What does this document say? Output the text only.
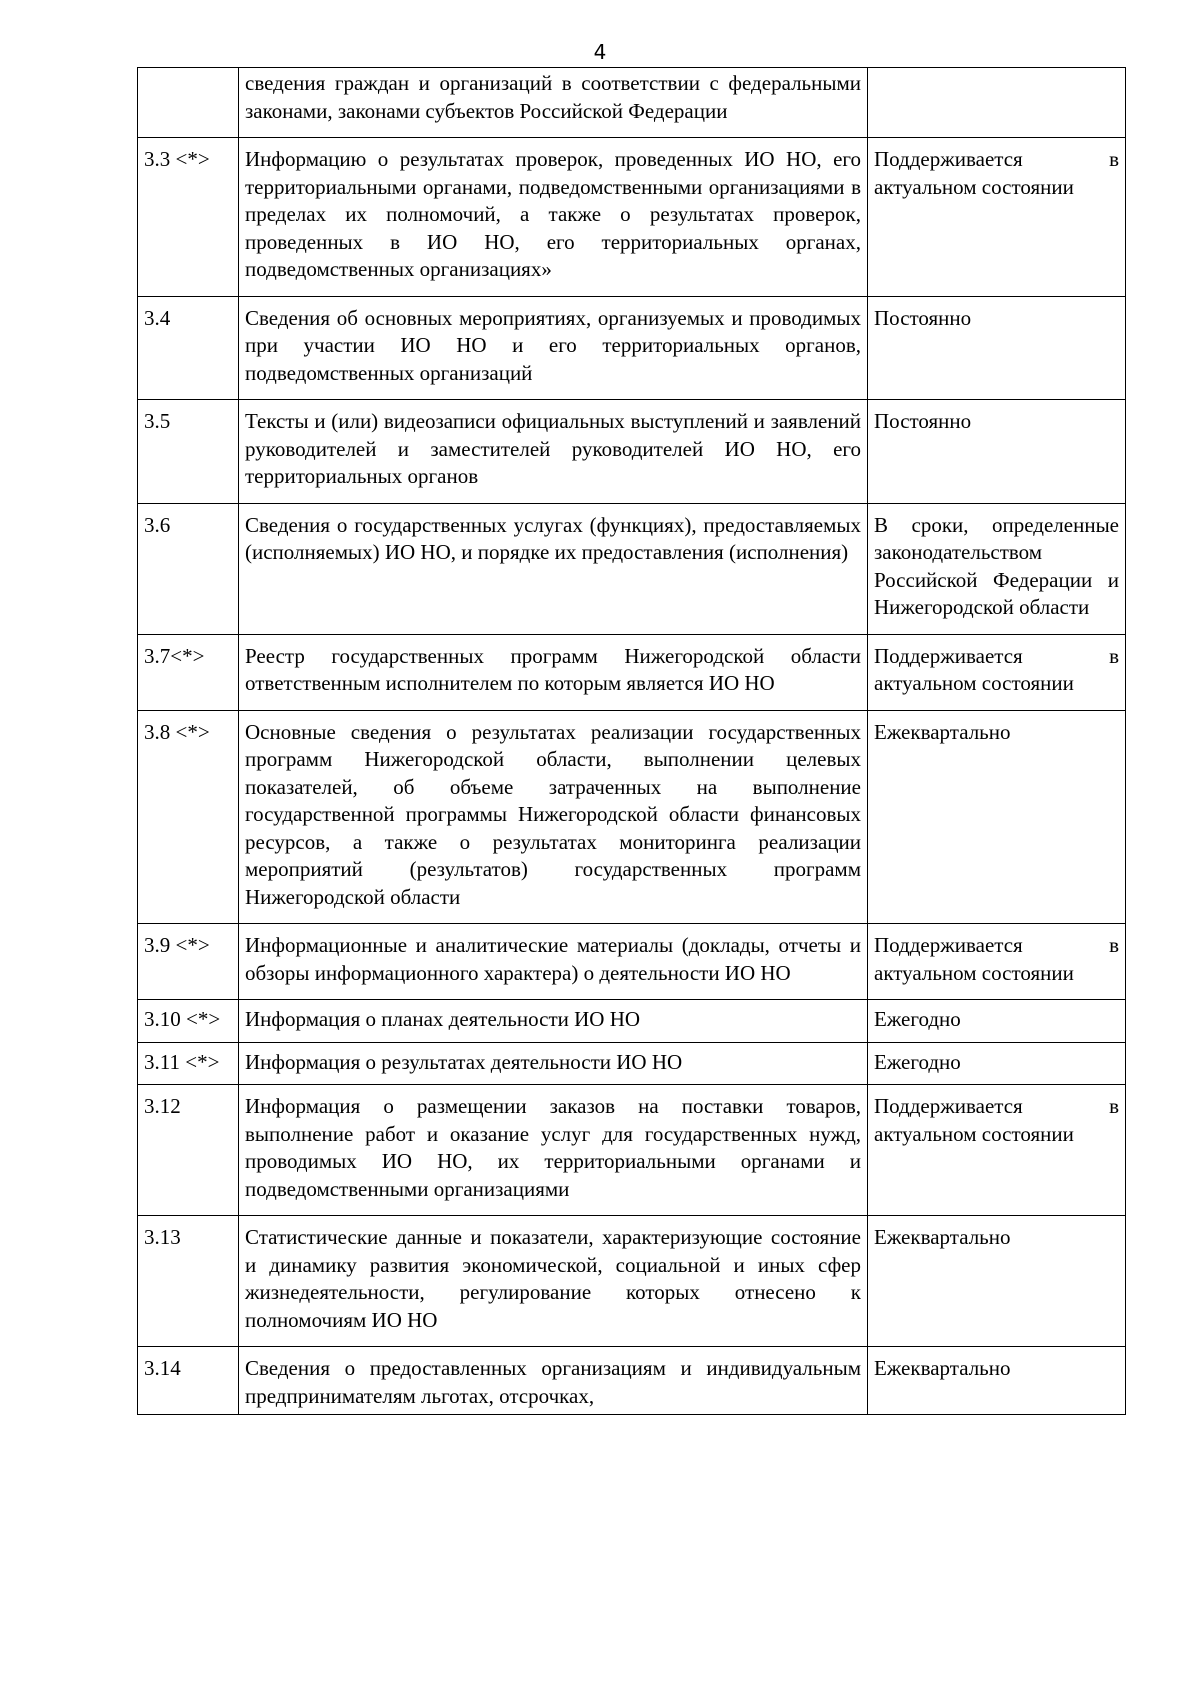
4
	сведения граждан и организаций в соответствии с федеральными законами, законами субъектов Российской Федерации	
3.3 <*>	Информацию о результатах проверок, проведенных ИО НО, его территориальными органами, подведомственными организациями в пределах их полномочий, а также о результатах проверок, проведенных в ИО НО, его территориальных органах, подведомственных организациях»	Поддерживается в актуальном состоянии
3.4	Сведения об основных мероприятиях, организуемых и проводимых при участии ИО НО и его территориальных органов, подведомственных организаций	Постоянно
3.5	Тексты и (или) видеозаписи официальных выступлений и заявлений руководителей и заместителей руководителей ИО НО, его территориальных органов	Постоянно
3.6	Сведения о государственных услугах (функциях), предоставляемых (исполняемых) ИО НО, и порядке их предоставления (исполнения)	В сроки, определенные законодательством Российской Федерации и Нижегородской области
3.7<*>	Реестр государственных программ Нижегородской области ответственным исполнителем по которым является ИО НО	Поддерживается в актуальном состоянии
3.8 <*>	Основные сведения о результатах реализации государственных программ Нижегородской области, выполнении целевых показателей, об объеме затраченных на выполнение государственной программы Нижегородской области финансовых ресурсов, а также о результатах мониторинга реализации мероприятий (результатов) государственных программ Нижегородской области	Ежеквартально
3.9 <*>	Информационные и аналитические материалы (доклады, отчеты и обзоры информационного характера) о деятельности ИО НО	Поддерживается в актуальном состоянии
3.10 <*>	Информация о планах деятельности ИО НО	Ежегодно
3.11 <*>	Информация о результатах деятельности ИО НО	Ежегодно
3.12	Информация о размещении заказов на поставки товаров, выполнение работ и оказание услуг для государственных нужд, проводимых ИО НО, их территориальными органами и подведомственными организациями	Поддерживается в актуальном состоянии
3.13	Статистические данные и показатели, характеризующие состояние и динамику развития экономической, социальной и иных сфер жизнедеятельности, регулирование которых отнесено к полномочиям ИО НО	Ежеквартально
3.14	Сведения о предоставленных организациям и индивидуальным предпринимателям льготах, отсрочках,	Ежеквартально
